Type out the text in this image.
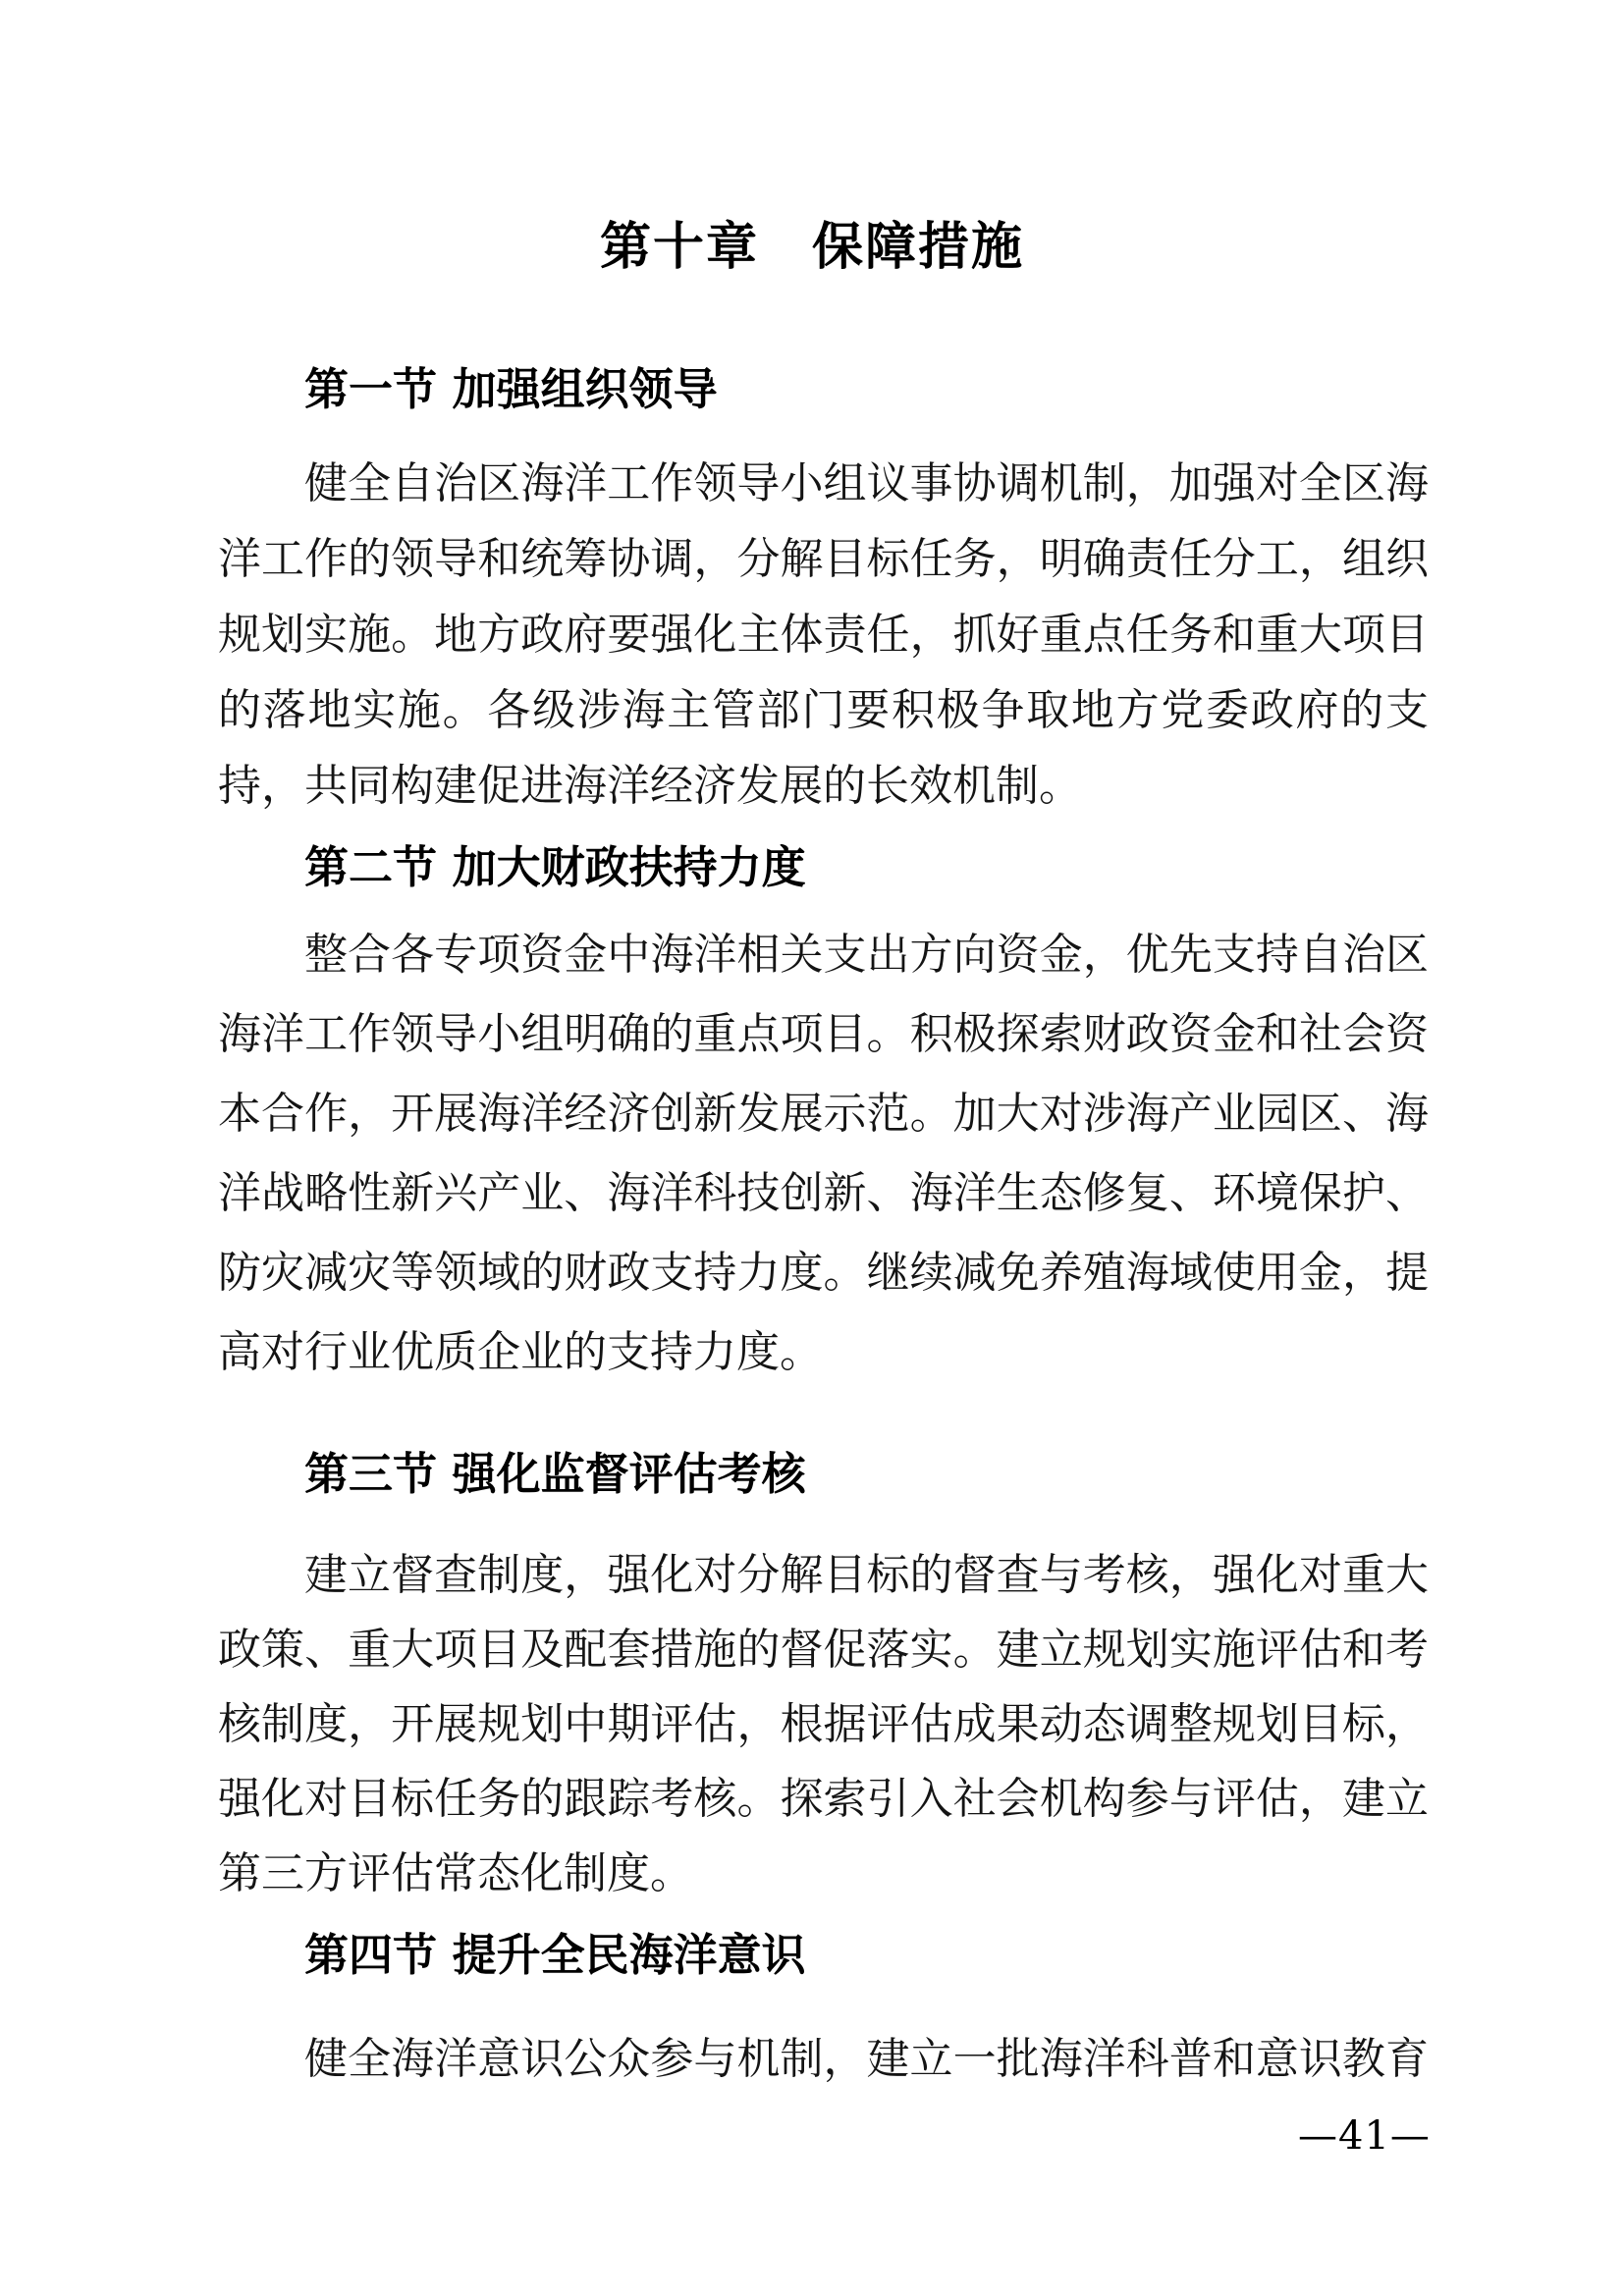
第十章　保障措施
第一节 加强组织领导
健全自治区海洋工作领导小组议事协调机制，加强对全区海
洋工作的领导和统筹协调，分解目标任务，明确责任分工，组织
规划实施。地方政府要强化主体责任，抓好重点任务和重大项目
的落地实施。各级涉海主管部门要积极争取地方党委政府的支
持，共同构建促进海洋经济发展的长效机制。
第二节 加大财政扶持力度
整合各专项资金中海洋相关支出方向资金，优先支持自治区
海洋工作领导小组明确的重点项目。积极探索财政资金和社会资
本合作，开展海洋经济创新发展示范。加大对涉海产业园区、海
洋战略性新兴产业、海洋科技创新、海洋生态修复、环境保护、
防灾减灾等领域的财政支持力度。继续减免养殖海域使用金，提
高对行业优质企业的支持力度。
第三节 强化监督评估考核
建立督查制度，强化对分解目标的督查与考核，强化对重大
政策、重大项目及配套措施的督促落实。建立规划实施评估和考
核制度，开展规划中期评估，根据评估成果动态调整规划目标，
强化对目标任务的跟踪考核。探索引入社会机构参与评估，建立
第三方评估常态化制度。
第四节 提升全民海洋意识
健全海洋意识公众参与机制，建立一批海洋科普和意识教育
—41—
